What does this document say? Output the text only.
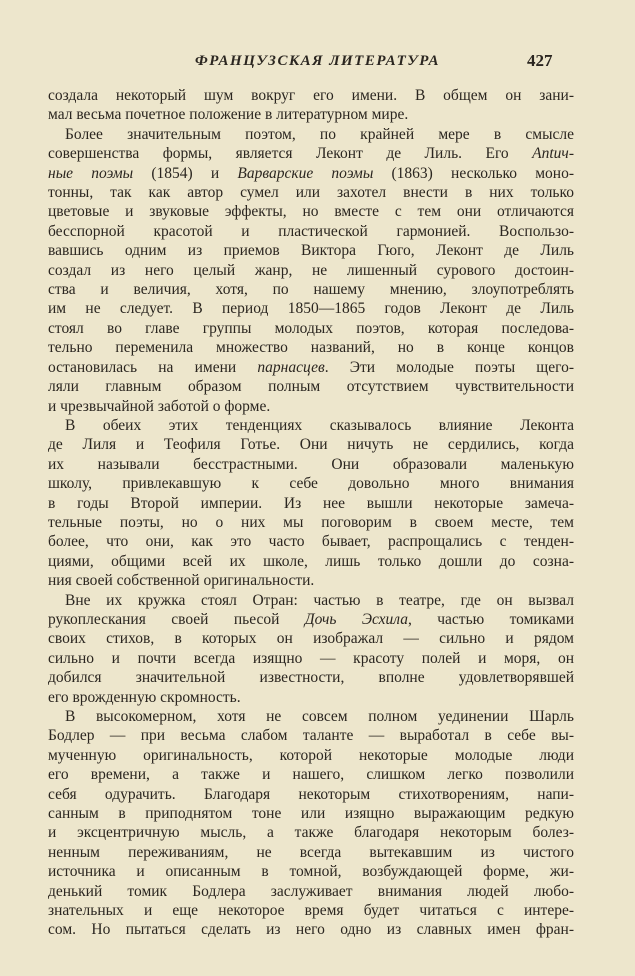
ФРАНЦУЗСКАЯ ЛИТЕРАТУРА	427
создала некоторый шум вокруг его имени. В общем он зани-
мал весьма почетное положение в литературном мире.
Более значительным поэтом, по крайней мере в смысле
совершенства формы, является Леконт де Лиль. Его Antич-
ные поэмы (1854) и Варварские поэмы (1863) несколько моно-
тонны, так как автор сумел или захотел внести в них только
цветовые и звуковые эффекты, но вместе с тем они отличаются
бесспорной красотой и пластической гармонией. Воспользо-
вавшись одним из приемов Виктора Гюго, Леконт де Лиль
создал из него целый жанр, не лишенный сурового достоин-
ства и величия, хотя, по нашему мнению, злоупотреблять
им не следует. В период 1850—1865 годов Леконт де Лиль
стоял во главе группы молодых поэтов, которая последова-
тельно переменила множество названий, но в конце концов
остановилась на имени парнасцев. Эти молодые поэты щего-
ляли главным образом полным отсутствием чувствительности
и чрезвычайной заботой о форме.
В обеих этих тенденциях сказывалось влияние Леконта
де Лиля и Теофиля Готье. Они ничуть не сердились, когда
их называли бесстрастными. Они образовали маленькую
школу, привлекавшую к себе довольно много внимания
в годы Второй империи. Из нее вышли некоторые замеча-
тельные поэты, но о них мы поговорим в своем месте, тем
более, что они, как это часто бывает, распрощались с тенден-
циями, общими всей их школе, лишь только дошли до созна-
ния своей собственной оригинальности.
Вне их кружка стоял Отран: частью в театре, где он вызвал
рукоплескания своей пьесой Дочь Эсхила, частью томиками
своих стихов, в которых он изображал — сильно и рядом
сильно и почти всегда изящно — красоту полей и моря, он
добился значительной известности, вполне удовлетворявшей
его врожденную скромность.
В высокомерном, хотя не совсем полном уединении Шарль
Бодлер — при весьма слабом таланте — выработал в себе вы-
мученную оригинальность, которой некоторые молодые люди
его времени, а также и нашего, слишком легко позволили
себя одурачить. Благодаря некоторым стихотворениям, напи-
санным в приподнятом тоне или изящно выражающим редкую
и эксцентричную мысль, а также благодаря некоторым болез-
ненным переживаниям, не всегда вытекавшим из чистого
источника и описанным в томной, возбуждающей форме, жи-
денький томик Бодлера заслуживает внимания людей любо-
знательных и еще некоторое время будет читаться с интере-
сом. Но пытаться сделать из него одно из славных имен фран-
